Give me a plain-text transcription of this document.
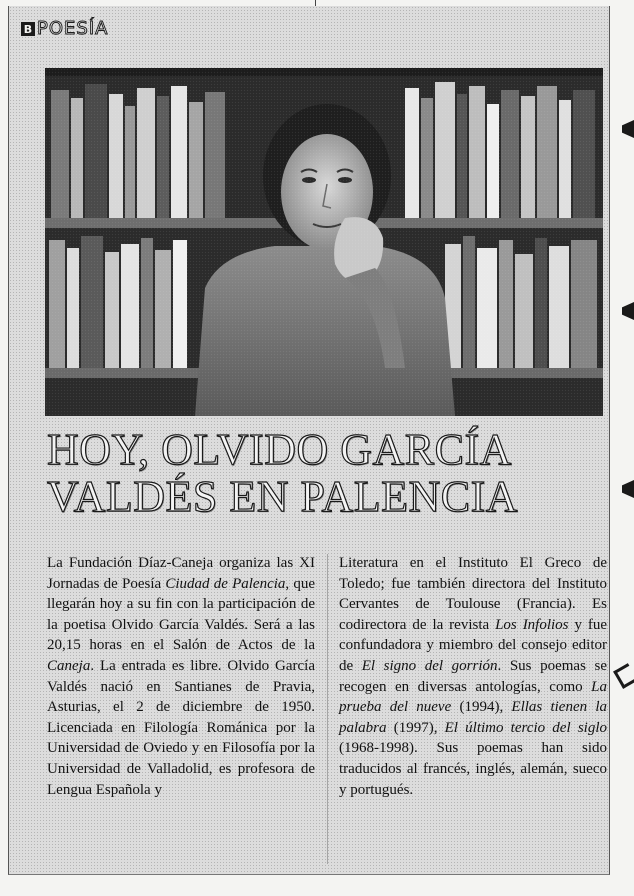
B POESÍA
HOY, OLVIDO GARCÍA
VALDÉS EN PALENCIA

La Fundación Díaz-Caneja organiza las XI Jornadas de Poesía Ciudad de Palencia, que llegarán hoy a su fin con la participación de la poetisa Olvido García Valdés. Será a las 20,15 horas en el Salón de Actos de la Caneja. La entrada es libre. Olvido García Valdés nació en Santianes de Pravia, Asturias, el 2 de diciembre de 1950. Licenciada en Filología Románica por la Universidad de Oviedo y en Filosofía por la Universidad de Valladolid, es profesora de Lengua Española y

Literatura en el Instituto El Greco de Toledo; fue también directora del Instituto Cervantes de Toulouse (Francia). Es codirectora de la revista Los Infolios y fue confundadora y miembro del consejo editor de El signo del gorrión. Sus poemas se recogen en diversas antologías, como La prueba del nueve (1994), Ellas tienen la palabra (1997), El último tercio del siglo (1968-1998). Sus poemas han sido traducidos al francés, inglés, alemán, sueco y portugués.
